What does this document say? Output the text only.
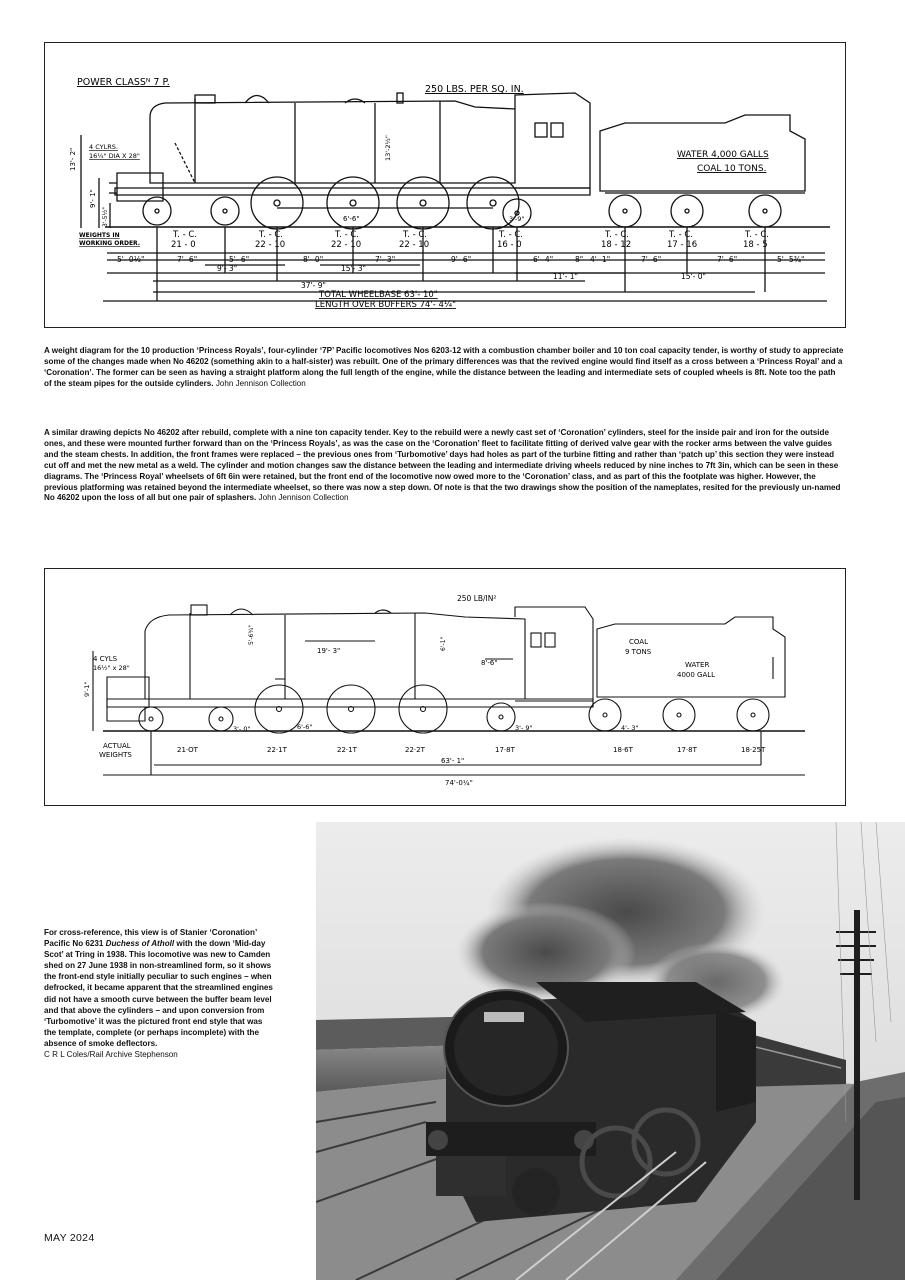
POWER CLASSᴺ 7 P.
250 LBS. PER SQ. IN.
WATER 4,000 GALLS
COAL 10 TONS.
4 CYLRS.
16¼" DIA X 28"
13'- 2"
9'- 1"
3'-5½"
13'-2½"
6'-6"	3'-9"
WEIGHTS IN
WORKING ORDER.
T. - C.	T. - C.	T. - C.	T. - C.	T. - C.	T. - C.	T. - C.	T. - C.
21 - 0	22 - 10	22 - 10	22 - 10	16 - 0	18 - 12	17 - 16	18 - 5
5'- 0½"	7'- 6"	5'- 6"	8'- 0"	7'- 3"	9'- 6"	6'- 4"	8" 4'- 1"	7'- 6"	7'- 6"	5'- 5¾"
9'- 3"	15'- 3"
37'- 9"
11'- 1"	15'- 0"
TOTAL WHEELBASE 63'- 10"
LENGTH OVER BUFFERS 74'- 4¼"

A weight diagram for the 10 production ‘Princess Royals’, four-cylinder ‘7P’ Pacific locomotives Nos 6203-12 with a combustion chamber boiler and 10 ton coal capacity tender, is worthy of study to appreciate some of the changes made when No 46202 (something akin to a half-sister) was rebuilt. One of the primary differences was that the revived engine would find itself as a cross between a ‘Princess Royal’ and a ‘Coronation’. The former can be seen as having a straight platform along the full length of the engine, while the distance between the leading and intermediate sets of coupled wheels is 8ft. Note too the path of the steam pipes for the outside cylinders. John Jennison Collection

A similar drawing depicts No 46202 after rebuild, complete with a nine ton capacity tender. Key to the rebuild were a newly cast set of ‘Coronation’ cylinders, steel for the inside pair and iron for the outside ones, and these were mounted further forward than on the ‘Princess Royals’, as was the case on the ‘Coronation’ fleet to facilitate fitting of derived valve gear with the rocker arms between the valve guides and the steam chests. In addition, the front frames were replaced – the previous ones from ‘Turbomotive’ days had holes as part of the turbine fitting and rather than ‘patch up’ this section they were instead cut off and met the new metal as a weld. The cylinder and motion changes saw the distance between the leading and intermediate driving wheels reduced by nine inches to 7ft 3in, which can be seen in these diagrams. The ‘Princess Royal’ wheelsets of 6ft 6in were retained, but the front end of the locomotive now owed more to the ‘Coronation’ class, and as part of this the footplate was higher. However, the previous platforming was retained beyond the intermediate wheelset, so there was now a step down. Of note is that the two drawings show the position of the nameplates, resited for the previously un-named No 46202 upon the loss of all but one pair of splashers. John Jennison Collection

250 LB/IN²
COAL
9 TONS
WATER
4000 GALL
4 CYLS
16½" x 28"
9'-1"
19'- 3"
8'-6"
5'-6¾"	6'-1"
3'- 0"	6'-6"	3'- 9"	4'- 3"
ACTUAL
WEIGHTS
21·OT	22·1T	22·1T	22·2T	17·8T	18·6T	17·8T	18·25T
63'- 1"
74'-0¼"

For cross-reference, this view is of Stanier ‘Coronation’ Pacific No 6231 Duchess of Atholl with the down ‘Mid-day Scot’ at Tring in 1938. This locomotive was new to Camden shed on 27 June 1938 in non-streamlined form, so it shows the front-end style initially peculiar to such engines – when defrocked, it became apparent that the streamlined engines did not have a smooth curve between the buffer beam level and that above the cylinders – and upon conversion from ‘Turbomotive’ it was the pictured front end style that was the template, complete (or perhaps incomplete) with the absence of smoke deflectors.
C R L Coles/Rail Archive Stephenson

MAY 2024
